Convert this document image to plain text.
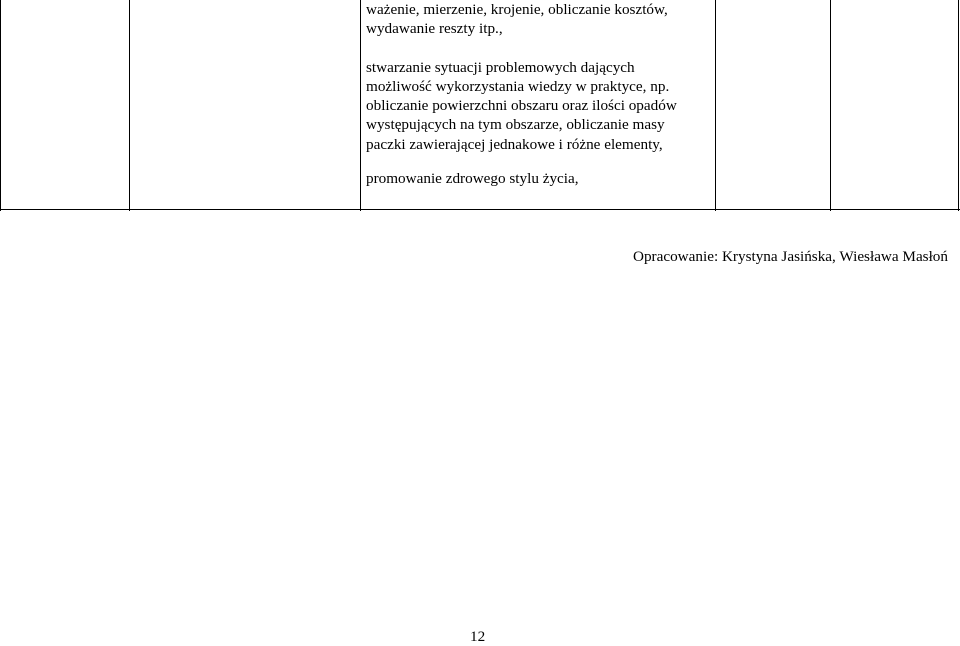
ważenie, mierzenie, krojenie, obliczanie kosztów,

wydawanie reszty itp.,

stwarzanie sytuacji problemowych dających

możliwość wykorzystania wiedzy w praktyce, np.

obliczanie powierzchni obszaru oraz ilości opadów

występujących na tym obszarze, obliczanie masy

paczki zawierającej jednakowe i różne elementy,

promowanie zdrowego stylu życia,

Opracowanie: Krystyna Jasińska, Wiesława Masłoń
12
